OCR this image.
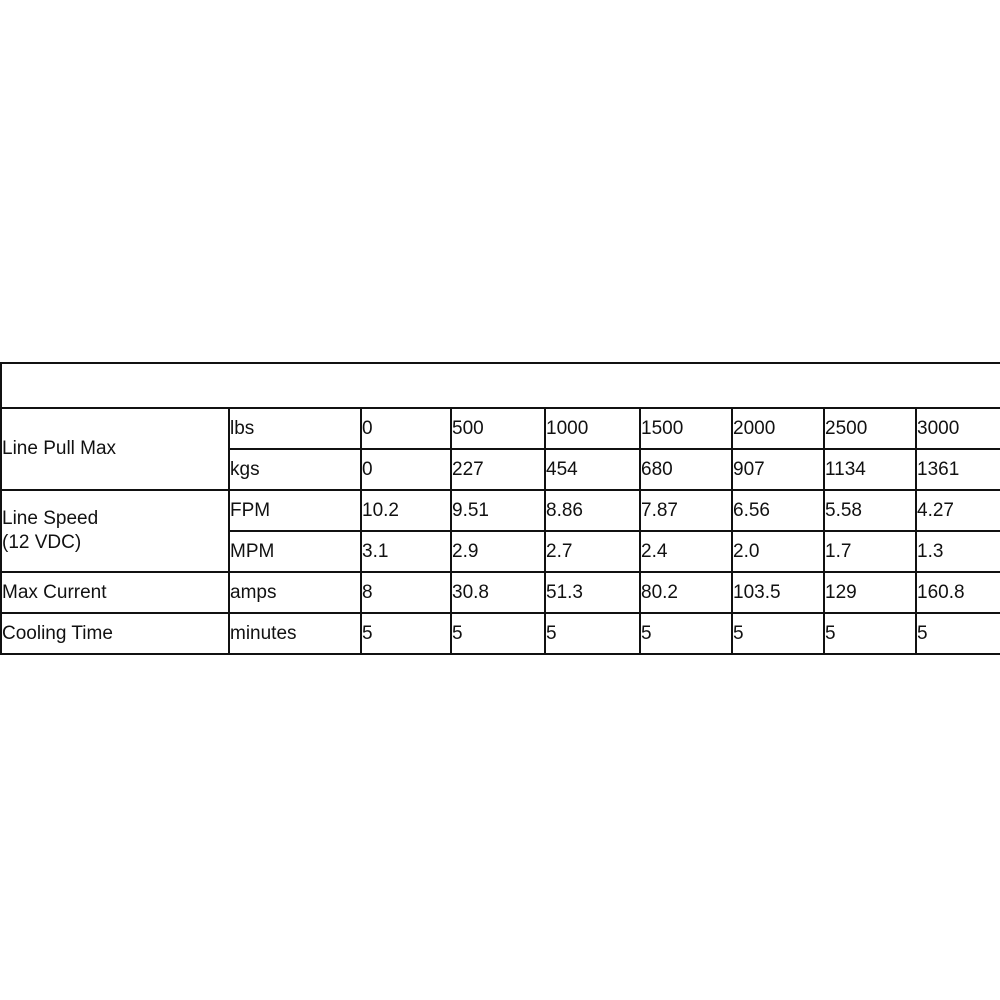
Line Speed and Motor Current (First Layer)								
Line Pull Max	lbs	0	500	1000	1500	2000	2500	3000
	kgs	0	227	454	680	907	1134	1361

Line Speed
(12 VDC)	FPM	10.2	9.51	8.86	7.87	6.56	5.58	4.27
	MPM	3.1	2.9	2.7	2.4	2.0	1.7	1.3
Max Current	amps	8	30.8	51.3	80.2	103.5	129	160.8
Cooling Time	minutes	5	5	5	5	5	5	5
